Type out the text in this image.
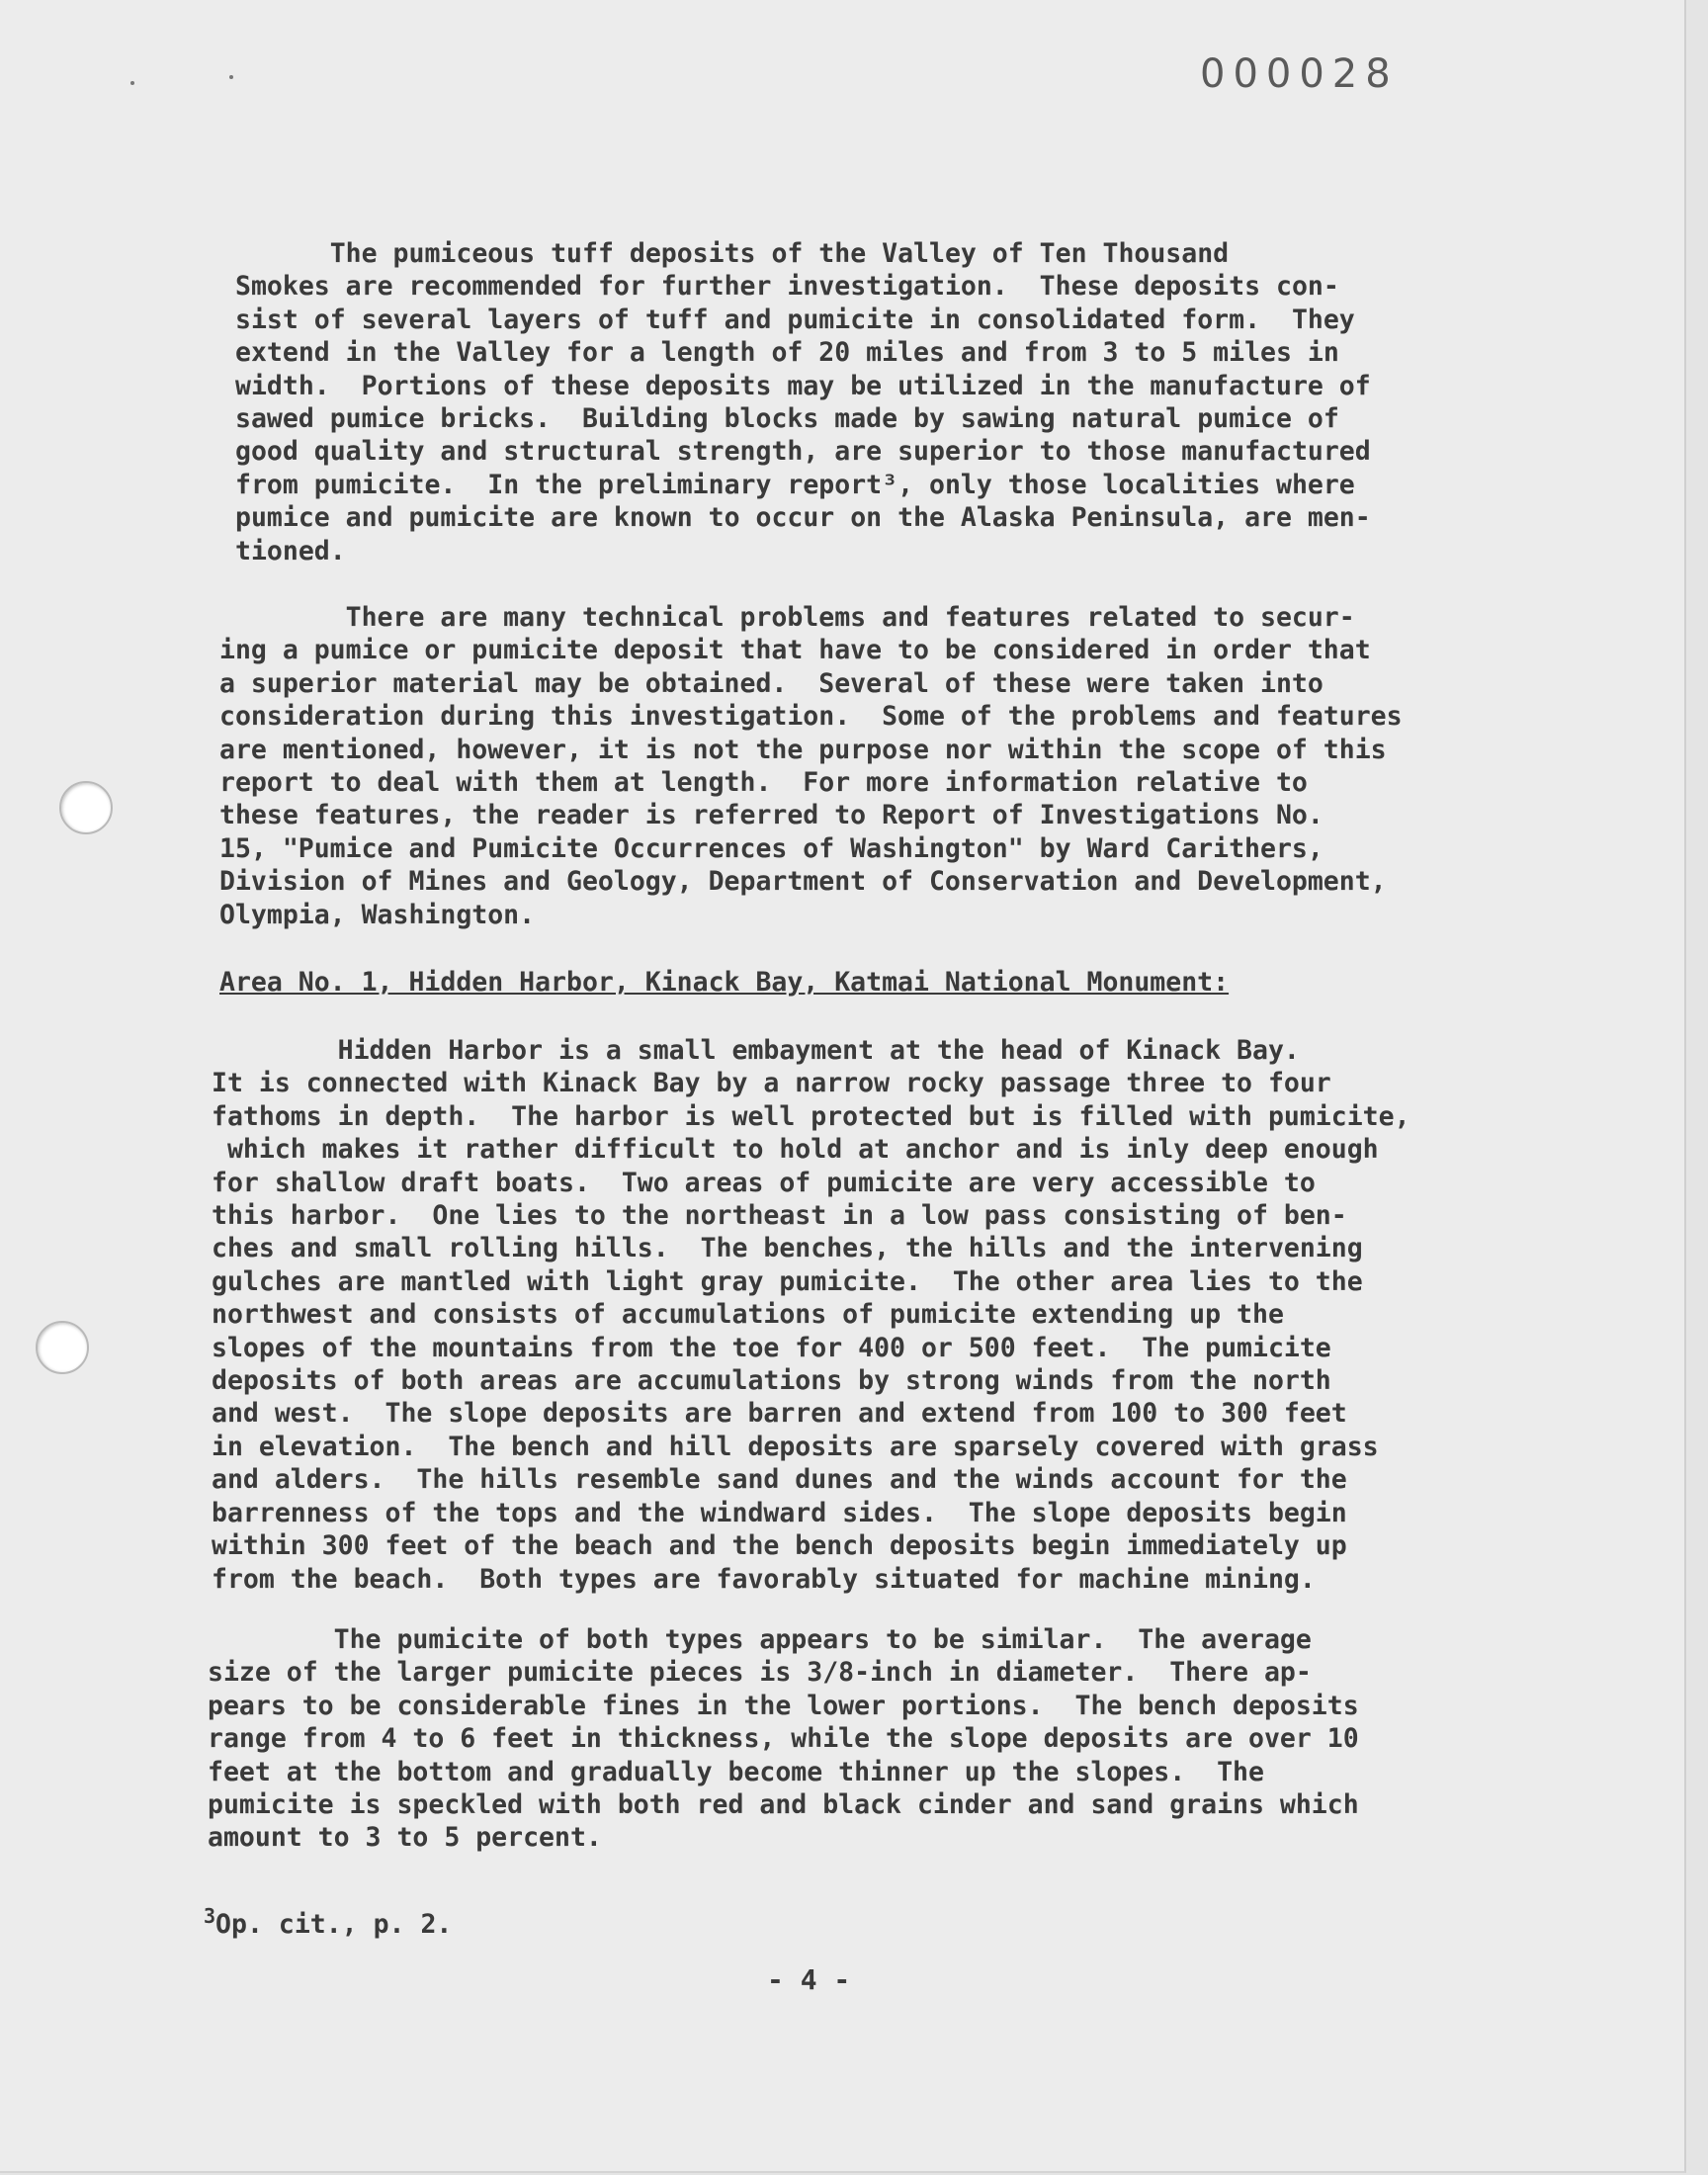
000028

The pumiceous tuff deposits of the Valley of Ten Thousand
Smokes are recommended for further investigation.  These deposits con-
sist of several layers of tuff and pumicite in consolidated form.  They
extend in the Valley for a length of 20 miles and from 3 to 5 miles in
width.  Portions of these deposits may be utilized in the manufacture of
sawed pumice bricks.  Building blocks made by sawing natural pumice of
good quality and structural strength, are superior to those manufactured
from pumicite.  In the preliminary report³, only those localities where
pumice and pumicite are known to occur on the Alaska Peninsula, are men-
tioned.

There are many technical problems and features related to secur-
ing a pumice or pumicite deposit that have to be considered in order that
a superior material may be obtained.  Several of these were taken into
consideration during this investigation.  Some of the problems and features
are mentioned, however, it is not the purpose nor within the scope of this
report to deal with them at length.  For more information relative to
these features, the reader is referred to Report of Investigations No.
15, "Pumice and Pumicite Occurrences of Washington" by Ward Carithers,
Division of Mines and Geology, Department of Conservation and Development,
Olympia, Washington.

Area No. 1, Hidden Harbor, Kinack Bay, Katmai National Monument:

Hidden Harbor is a small embayment at the head of Kinack Bay.
It is connected with Kinack Bay by a narrow rocky passage three to four
fathoms in depth.  The harbor is well protected but is filled with pumicite,
which makes it rather difficult to hold at anchor and is inly deep enough
for shallow draft boats.  Two areas of pumicite are very accessible to
this harbor.  One lies to the northeast in a low pass consisting of ben-
ches and small rolling hills.  The benches, the hills and the intervening
gulches are mantled with light gray pumicite.  The other area lies to the
northwest and consists of accumulations of pumicite extending up the
slopes of the mountains from the toe for 400 or 500 feet.  The pumicite
deposits of both areas are accumulations by strong winds from the north
and west.  The slope deposits are barren and extend from 100 to 300 feet
in elevation.  The bench and hill deposits are sparsely covered with grass
and alders.  The hills resemble sand dunes and the winds account for the
barrenness of the tops and the windward sides.  The slope deposits begin
within 300 feet of the beach and the bench deposits begin immediately up
from the beach.  Both types are favorably situated for machine mining.

The pumicite of both types appears to be similar.  The average
size of the larger pumicite pieces is 3/8-inch in diameter.  There ap-
pears to be considerable fines in the lower portions.  The bench deposits
range from 4 to 6 feet in thickness, while the slope deposits are over 10
feet at the bottom and gradually become thinner up the slopes.  The
pumicite is speckled with both red and black cinder and sand grains which
amount to 3 to 5 percent.

$^3$Op. cit., p. 2.
- 4 -
